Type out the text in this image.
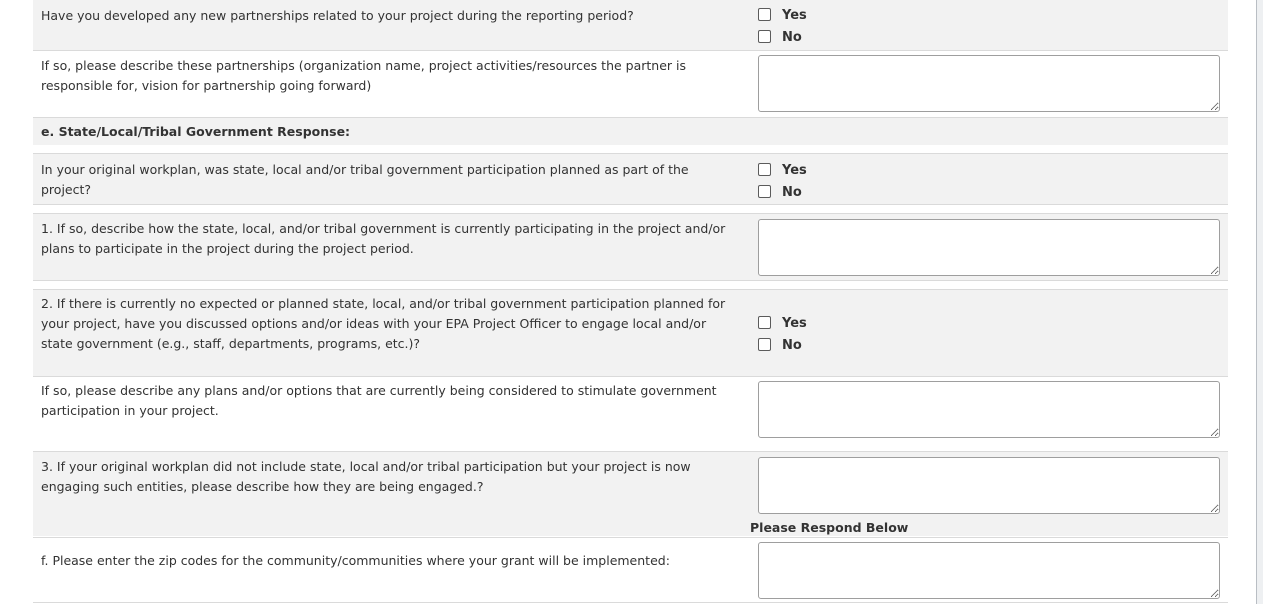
Have you developed any new partnerships related to your project during the reporting period?	Yes
No

If so, please describe these partnerships (organization name, project activities/resources the partner is responsible for, vision for partnership going forward)

e. State/Local/Tribal Government Response:

In your original workplan, was state, local and/or tribal government participation planned as part of the project?

Yes
No

1. If so, describe how the state, local, and/or tribal government is currently participating in the project and/or plans to participate in the project during the project period.

2. If there is currently no expected or planned state, local, and/or tribal government participation planned for your project, have you discussed options and/or ideas with your EPA Project Officer to engage local and/or state government (e.g., staff, departments, programs, etc.)?

Yes
No

If so, please describe any plans and/or options that are currently being considered to stimulate government participation in your project.

3. If your original workplan did not include state, local and/or tribal participation but your project is now engaging such entities, please describe how they are being engaged.?

Please Respond Below

f. Please enter the zip codes for the community/communities where your grant will be implemented:
